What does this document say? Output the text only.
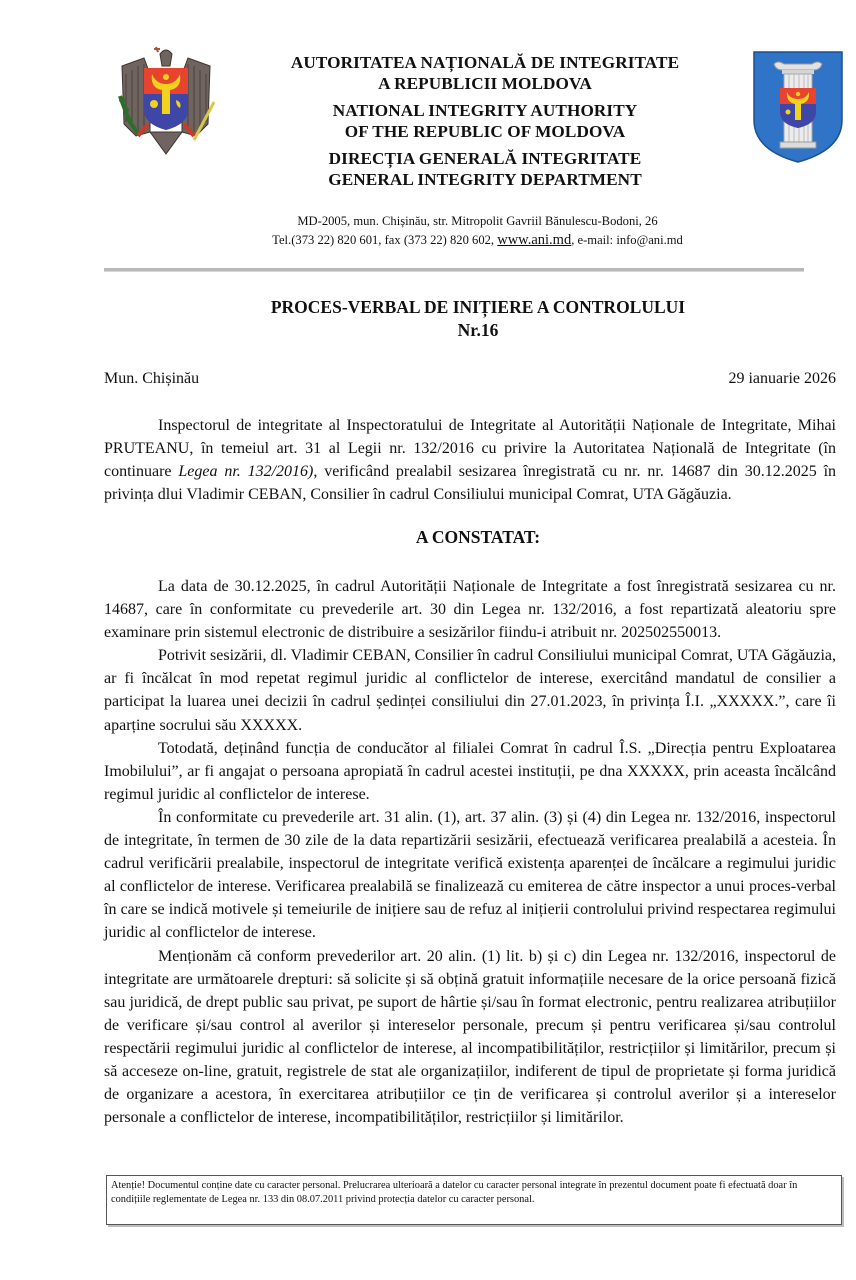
AUTORITATEA NAȚIONALĂ DE INTEGRITATE
A REPUBLICII MOLDOVA
NATIONAL INTEGRITY AUTHORITY
OF THE REPUBLIC OF MOLDOVA
DIRECȚIA GENERALĂ INTEGRITATE
GENERAL INTEGRITY DEPARTMENT
MD-2005, mun. Chișinău, str. Mitropolit Gavriil Bănulescu-Bodoni, 26
Tel.(373 22) 820 601, fax (373 22) 820 602, www.ani.md, e-mail: info@ani.md
PROCES-VERBAL DE INIȚIERE A CONTROLULUI
Nr.16
Mun. Chișinău	29 ianuarie 2026

Inspectorul de integritate al Inspectoratului de Integritate al Autorității Naționale de Integritate, Mihai PRUTEANU, în temeiul art. 31 al Legii nr. 132/2016 cu privire la Autoritatea Națională de Integritate (în continuare Legea nr. 132/2016), verificând prealabil sesizarea înregistrată cu nr. nr. 14687 din 30.12.2025 în privința dlui Vladimir CEBAN, Consilier în cadrul Consiliului municipal Comrat, UTA Găgăuzia.

A CONSTATAT:

La data de 30.12.2025, în cadrul Autorității Naționale de Integritate a fost înregistrată sesizarea cu nr. 14687, care în conformitate cu prevederile art. 30 din Legea nr. 132/2016, a fost repartizată aleatoriu spre examinare prin sistemul electronic de distribuire a sesizărilor fiindu-i atribuit nr. 202502550013.

Potrivit sesizării, dl. Vladimir CEBAN, Consilier în cadrul Consiliului municipal Comrat, UTA Găgăuzia, ar fi încălcat în mod repetat regimul juridic al conflictelor de interese, exercitând mandatul de consilier a participat la luarea unei decizii în cadrul ședinței consiliului din 27.01.2023, în privința Î.I. „XXXXX.”, care îi aparține socrului său XXXXX.

Totodată, deținând funcția de conducător al filialei Comrat în cadrul Î.S. „Direcția pentru Exploatarea Imobilului”, ar fi angajat o persoana apropiată în cadrul acestei instituții, pe dna XXXXX, prin aceasta încălcând regimul juridic al conflictelor de interese.

În conformitate cu prevederile art. 31 alin. (1), art. 37 alin. (3) și (4) din Legea nr. 132/2016, inspectorul de integritate, în termen de 30 zile de la data repartizării sesizării, efectuează verificarea prealabilă a acesteia. În cadrul verificării prealabile, inspectorul de integritate verifică existența aparenței de încălcare a regimului juridic al conflictelor de interese. Verificarea prealabilă se finalizează cu emiterea de către inspector a unui proces-verbal în care se indică motivele și temeiurile de inițiere sau de refuz al inițierii controlului privind respectarea regimului juridic al conflictelor de interese.

Menționăm că conform prevederilor art. 20 alin. (1) lit. b) și c) din Legea nr. 132/2016, inspectorul de integritate are următoarele drepturi: să solicite și să obțină gratuit informațiile necesare de la orice persoană fizică sau juridică, de drept public sau privat, pe suport de hârtie și/sau în format electronic, pentru realizarea atribuțiilor de verificare și/sau control al averilor și intereselor personale, precum și pentru verificarea și/sau controlul respectării regimului juridic al conflictelor de interese, al incompatibilităților, restricțiilor și limitărilor, precum și să acceseze on-line, gratuit, registrele de stat ale organizațiilor, indiferent de tipul de proprietate și forma juridică de organizare a acestora, în exercitarea atribuțiilor ce țin de verificarea și controlul averilor și a intereselor personale a conflictelor de interese, incompatibilităților, restricțiilor și limitărilor.

Atenție! Documentul conține date cu caracter personal. Prelucrarea ulterioară a datelor cu caracter personal integrate în prezentul document poate fi efectuată doar în condițiile reglementate de Legea nr. 133 din 08.07.2011 privind protecția datelor cu caracter personal.
